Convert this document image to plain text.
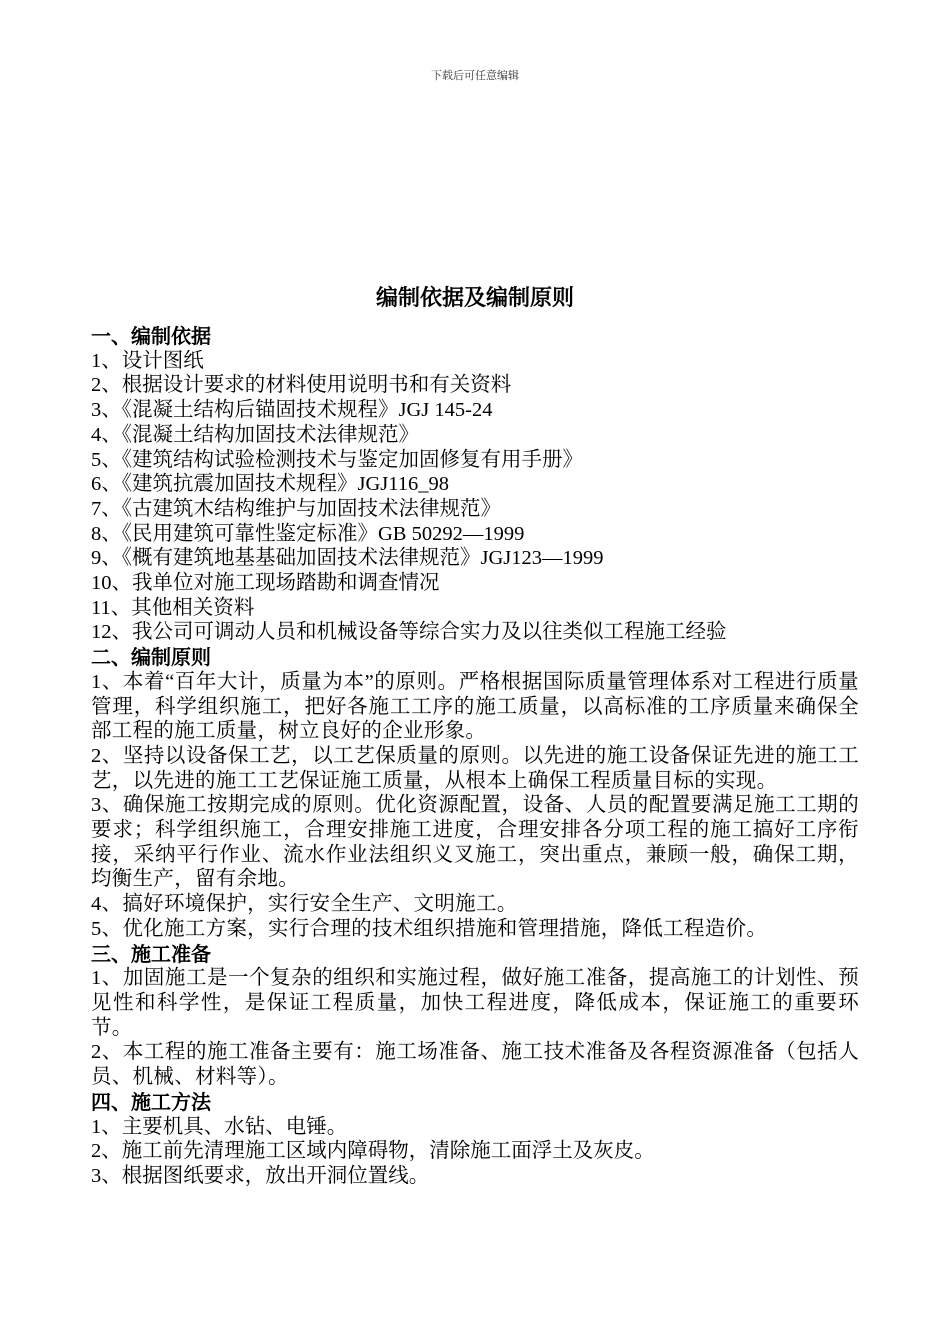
下载后可任意编辑
编制依据及编制原则
一、编制依据
1、设计图纸
2、根据设计要求的材料使用说明书和有关资料
3、《混凝土结构后锚固技术规程》JGJ 145-24
4、《混凝土结构加固技术法律规范》
5、《建筑结构试验检测技术与鉴定加固修复有用手册》
6、《建筑抗震加固技术规程》JGJ116_98
7、《古建筑木结构维护与加固技术法律规范》
8、《民用建筑可靠性鉴定标准》GB 50292—1999
9、《概有建筑地基基础加固技术法律规范》JGJ123—1999
10、我单位对施工现场踏勘和调查情况
11、其他相关资料
12、我公司可调动人员和机械设备等综合实力及以往类似工程施工经验
二、编制原则
1、本着“百年大计，质量为本”的原则。严格根据国际质量管理体系对工程进行质量管理，科学组织施工，把好各施工工序的施工质量，以高标准的工序质量来确保全部工程的施工质量，树立良好的企业形象。
2、坚持以设备保工艺，以工艺保质量的原则。以先进的施工设备保证先进的施工工艺，以先进的施工工艺保证施工质量，从根本上确保工程质量目标的实现。
3、确保施工按期完成的原则。优化资源配置，设备、人员的配置要满足施工工期的要求；科学组织施工，合理安排施工进度，合理安排各分项工程的施工搞好工序衔接，采纳平行作业、流水作业法组织义叉施工，突出重点，兼顾一般，确保工期，均衡生产，留有余地。
4、搞好环境保护，实行安全生产、文明施工。
5、优化施工方案，实行合理的技术组织措施和管理措施，降低工程造价。
三、施工准备
1、加固施工是一个复杂的组织和实施过程，做好施工准备，提高施工的计划性、预见性和科学性，是保证工程质量，加快工程进度，降低成本，保证施工的重要环节。
2、本工程的施工准备主要有：施工场准备、施工技术准备及各程资源准备（包括人员、机械、材料等）。
四、施工方法
1、主要机具、水钻、电锤。
2、施工前先清理施工区域内障碍物，清除施工面浮土及灰皮。
3、根据图纸要求，放出开洞位置线。
